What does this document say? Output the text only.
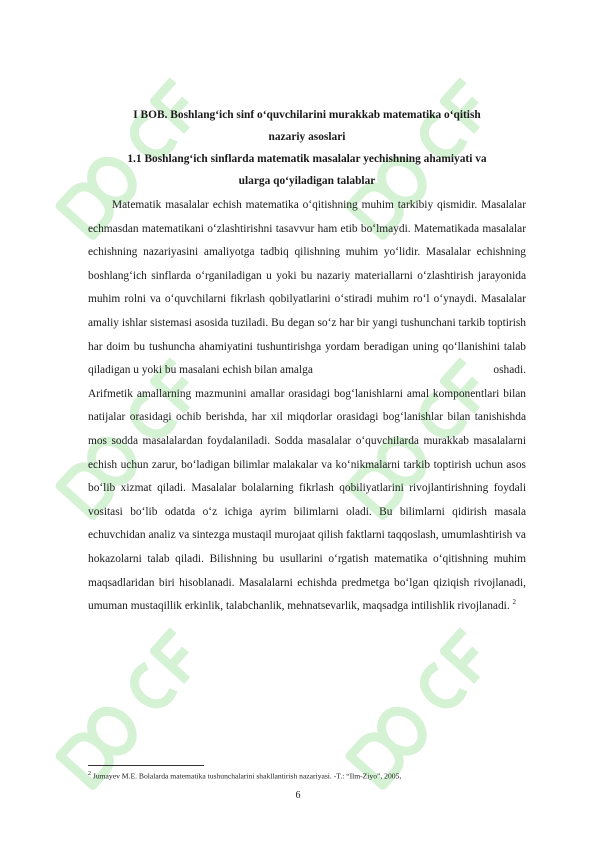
I BOB. Boshlang‘ich sinf o‘quvchilarini murakkab matematika o‘qitish

nazariy asoslari

1.1 Boshlang‘ich sinflarda matematik masalalar yechishning ahamiyati va

ularga qo‘yiladigan talablar

Matematik masalalar echish matematika o‘qitishning muhim tarkibiy qismidir. Masalalar echmasdan matematikani o‘zlashtirishni tasavvur ham etib bo‘lmaydi. Matematikada masalalar echishning nazariyasini amaliyotga tadbiq qilishning muhim yo‘lidir. Masalalar echishning boshlang‘ich sinflarda o‘rganiladigan u yoki bu nazariy materiallarni o‘zlashtirish jarayonida muhim rolni va o‘quvchilarni fikrlash qobilyatlarini o‘stiradi muhim ro‘l o‘ynaydi. Masalalar amaliy ishlar sistemasi asosida tuziladi. Bu degan so‘z har bir yangi tushunchani tarkib toptirish har doim bu tushuncha ahamiyatini tushuntirishga yordam beradigan uning qo‘llanishini talab qiladigan u yoki bu masalani echish bilan amalga	oshadi.

Arifmetik amallarning mazmunini amallar orasidagi bog‘lanishlarni amal komponentlari bilan natijalar orasidagi ochib berishda, har xil miqdorlar orasidagi bog‘lanishlar bilan tanishishda mos sodda masalalardan foydalaniladi. Sodda masalalar o‘quvchilarda murakkab masalalarni echish uchun zarur, bo‘ladigan bilimlar malakalar va ko‘nikmalarni tarkib toptirish uchun asos bo‘lib xizmat qiladi. Masalalar bolalarning fikrlash qobiliyatlarini rivojlantirishning foydali vositasi bo‘lib odatda o‘z ichiga ayrim bilimlarni oladi. Bu bilimlarni qidirish masala echuvchidan analiz va sintezga mustaqil murojaat qilish faktlarni taqqoslash, umumlashtirish va hokazolarni talab qiladi. Bilishning bu usullarini o‘rgatish matematika o‘qitishning muhim maqsadlaridan biri hisoblanadi. Masalalarni echishda predmetga bo‘lgan qiziqish rivojlanadi, umuman mustaqillik erkinlik, talabchanlik, mehnatsevarlik, maqsadga intilishlik rivojlanadi. $^2$

$^2$ Jumayev M.E. Bolalarda matematika tushunchalarini shakllantirish nazariyasi. -T.: “Ilm-Ziyo”, 2005,
6
